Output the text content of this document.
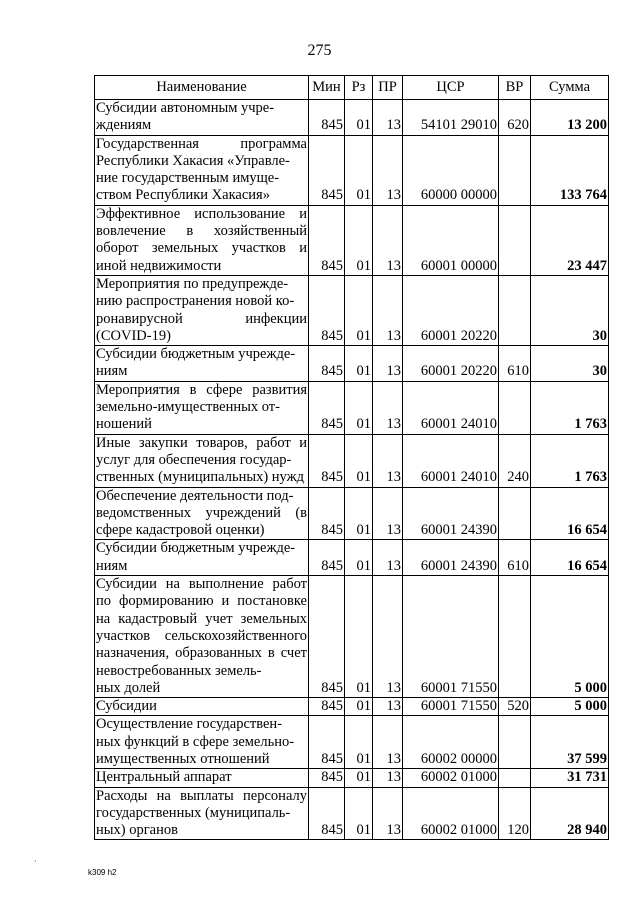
275
Наименование	Мин	Рз	ПР	ЦСР	ВР	Сумма
Субсидии автономным учре-
ждениям	845	01	13	54101 29010	620	13 200
Государственная программа Республики Хакасия «Управле-
ние государственным имуще-
ством Республики Хакасия»	845	01	13	60000 00000		133 764
Эффективное использование и вовлечение в хозяйственный оборот земельных участков и иной недвижимости	845	01	13	60001 00000		23 447
Мероприятия по предупрежде-
нию распространения новой ко-
ронавирусной инфекции (COVID-19)	845	01	13	60001 20220		30
Субсидии бюджетным учрежде-
ниям	845	01	13	60001 20220	610	30
Мероприятия в сфере развития земельно-имущественных от-
ношений	845	01	13	60001 24010		1 763
Иные закупки товаров, работ и услуг для обеспечения государ-
ственных (муниципальных) нужд	845	01	13	60001 24010	240	1 763
Обеспечение деятельности под-
ведомственных учреждений (в сфере кадастровой оценки)	845	01	13	60001 24390		16 654
Субсидии бюджетным учрежде-
ниям	845	01	13	60001 24390	610	16 654
Субсидии на выполнение работ по формированию и постановке на кадастровый учет земельных участков сельскохозяйственного назначения, образованных в счет невостребованных земель-
ных долей	845	01	13	60001 71550		5 000
Субсидии	845	01	13	60001 71550	520	5 000
Осуществление государствен-
ных функций в сфере земельно-
имущественных отношений	845	01	13	60002 00000		37 599
Центральный аппарат	845	01	13	60002 01000		31 731
Расходы на выплаты персоналу государственных (муниципаль-
ных) органов	845	01	13	60002 01000	120	28 940
·
k309 h2
